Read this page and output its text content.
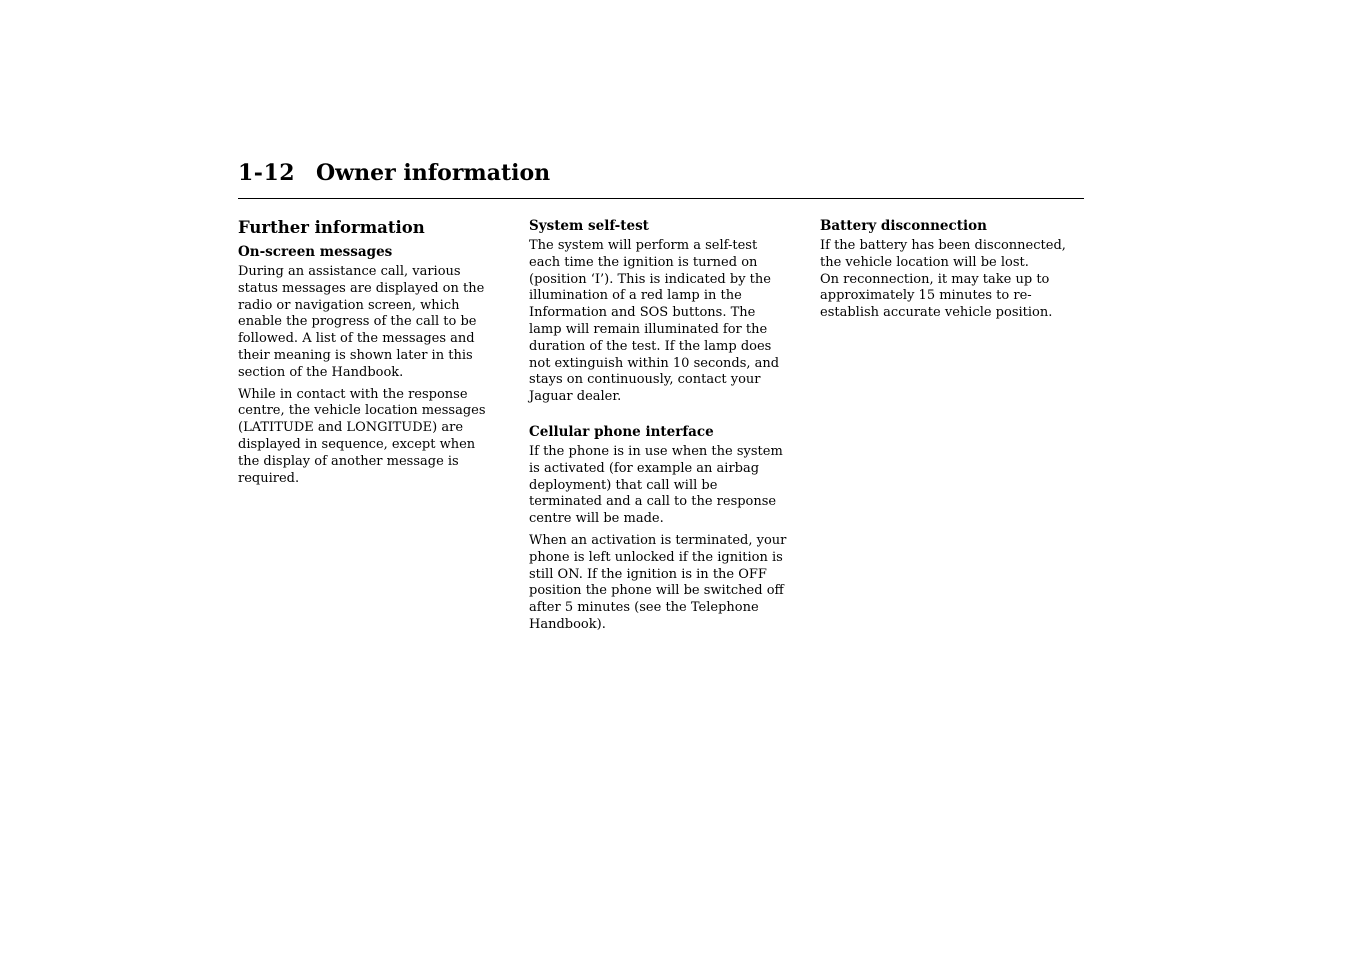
1-12 Owner information
Further information
On-screen messages

During an assistance call, various status messages are displayed on the radio or navigation screen, which enable the progress of the call to be followed. A list of the messages and their meaning is shown later in this section of the Handbook.

While in contact with the response centre, the vehicle location messages (LATITUDE and LONGITUDE) are displayed in sequence, except when the display of another message is required.

System self-test

The system will perform a self-test each time the ignition is turned on (position ‘I’). This is indicated by the illumination of a red lamp in the Information and SOS buttons. The lamp will remain illuminated for the duration of the test. If the lamp does not extinguish within 10 seconds, and stays on continuously, contact your Jaguar dealer.

Cellular phone interface

If the phone is in use when the system is activated (for example an airbag deployment) that call will be terminated and a call to the response centre will be made.

When an activation is terminated, your phone is left unlocked if the ignition is still ON. If the ignition is in the OFF position the phone will be switched off after 5 minutes (see the Telephone Handbook).

Battery disconnection

If the battery has been disconnected, the vehicle location will be lost.

On reconnection, it may take up to approximately 15 minutes to re-establish accurate vehicle position.
